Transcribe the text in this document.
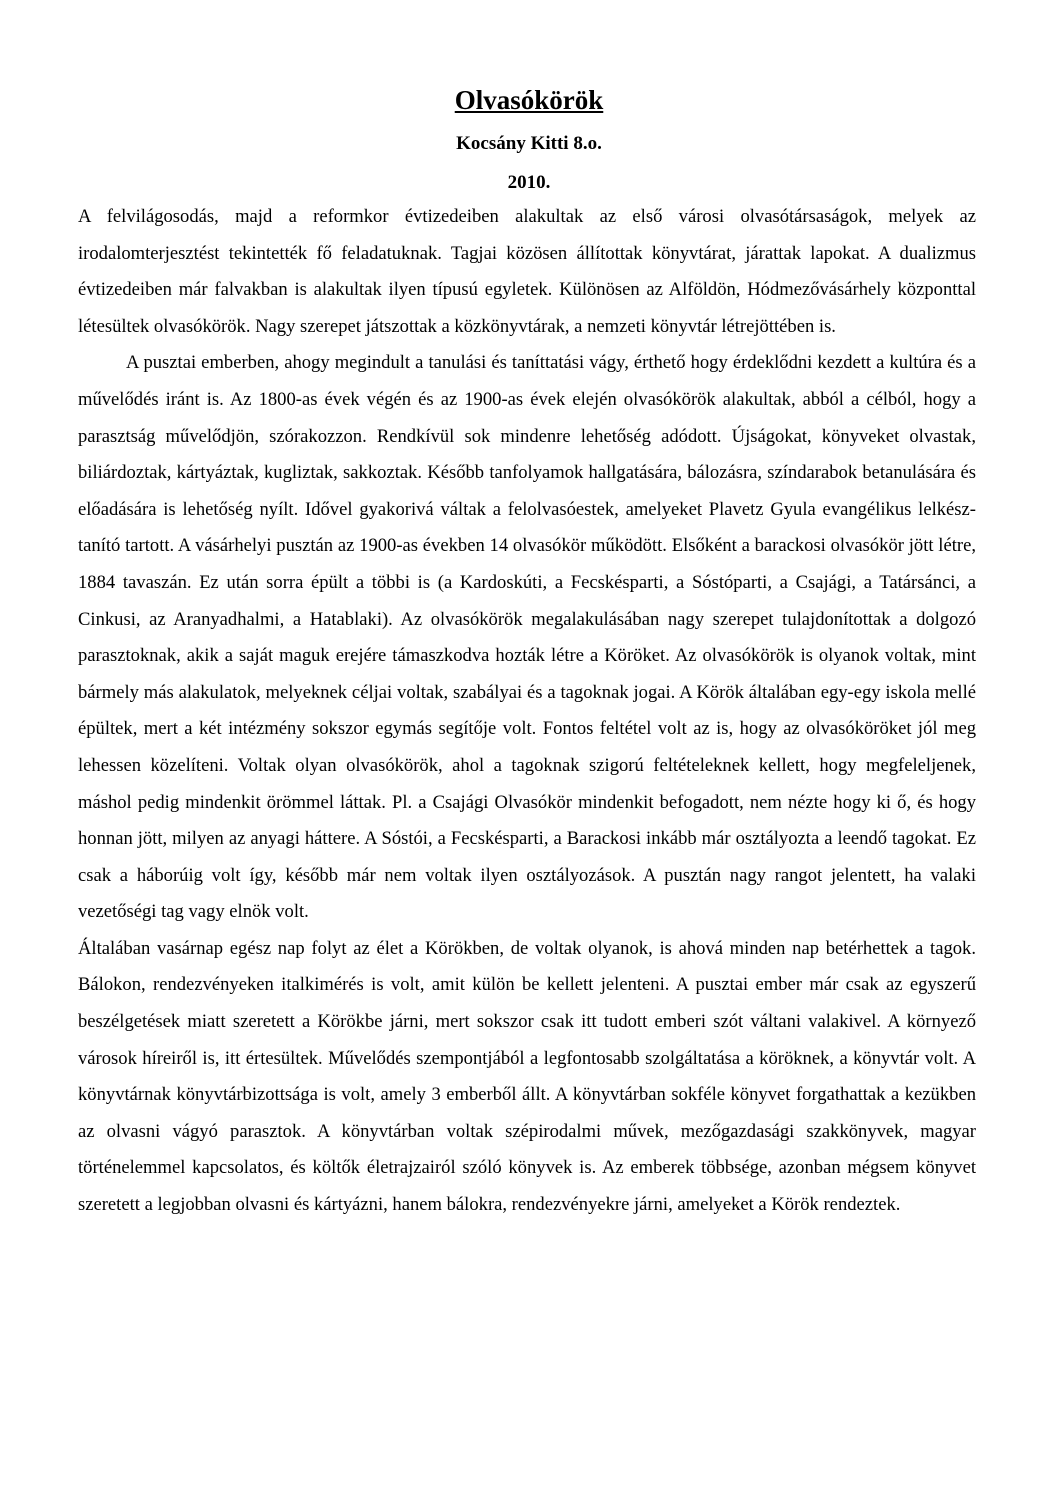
Olvasókörök
Kocsány Kitti 8.o.
2010.

A felvilágosodás, majd a reformkor évtizedeiben alakultak az első városi olvasótársaságok, melyek az irodalomterjesztést tekintették fő feladatuknak. Tagjai közösen állítottak könyvtárat, járattak lapokat. A dualizmus évtizedeiben már falvakban is alakultak ilyen típusú egyletek. Különösen az Alföldön, Hódmezővásárhely központtal létesültek olvasókörök. Nagy szerepet játszottak a közkönyvtárak, a nemzeti könyvtár létrejöttében is.

A pusztai emberben, ahogy megindult a tanulási és taníttatási vágy, érthető hogy érdeklődni kezdett a kultúra és a művelődés iránt is. Az 1800-as évek végén és az 1900-as évek elején olvasókörök alakultak, abból a célból, hogy a parasztság művelődjön, szórakozzon. Rendkívül sok mindenre lehetőség adódott. Újságokat, könyveket olvastak, biliárdoztak, kártyáztak, kugliztak, sakkoztak. Később tanfolyamok hallgatására, bálozásra, színdarabok betanulására és előadására is lehetőség nyílt. Idővel gyakorivá váltak a felolvasóestek, amelyeket Plavetz Gyula evangélikus lelkész-tanító tartott. A vásárhelyi pusztán az 1900-as években 14 olvasókör működött. Elsőként a barackosi olvasókör jött létre, 1884 tavaszán. Ez után sorra épült a többi is (a Kardoskúti, a Fecskésparti, a Sóstóparti, a Csajági, a Tatársánci, a Cinkusi, az Aranyadhalmi, a Hatablaki). Az olvasókörök megalakulásában nagy szerepet tulajdonítottak a dolgozó parasztoknak, akik a saját maguk erejére támaszkodva hozták létre a Köröket. Az olvasókörök is olyanok voltak, mint bármely más alakulatok, melyeknek céljai voltak, szabályai és a tagoknak jogai. A Körök általában egy-egy iskola mellé épültek, mert a két intézmény sokszor egymás segítője volt. Fontos feltétel volt az is, hogy az olvasóköröket jól meg lehessen közelíteni. Voltak olyan olvasókörök, ahol a tagoknak szigorú feltételeknek kellett, hogy megfeleljenek, máshol pedig mindenkit örömmel láttak. Pl. a Csajági Olvasókör mindenkit befogadott, nem nézte hogy ki ő, és hogy honnan jött, milyen az anyagi háttere. A Sóstói, a Fecskésparti, a Barackosi inkább már osztályozta a leendő tagokat. Ez csak a háborúig volt így, később már nem voltak ilyen osztályozások. A pusztán nagy rangot jelentett, ha valaki vezetőségi tag vagy elnök volt.

Általában vasárnap egész nap folyt az élet a Körökben, de voltak olyanok, is ahová minden nap betérhettek a tagok. Bálokon, rendezvényeken italkimérés is volt, amit külön be kellett jelenteni. A pusztai ember már csak az egyszerű beszélgetések miatt szeretett a Körökbe járni, mert sokszor csak itt tudott emberi szót váltani valakivel. A környező városok híreiről is, itt értesültek. Művelődés szempontjából a legfontosabb szolgáltatása a köröknek, a könyvtár volt. A könyvtárnak könyvtárbizottsága is volt, amely 3 emberből állt. A könyvtárban sokféle könyvet forgathattak a kezükben az olvasni vágyó parasztok. A könyvtárban voltak szépirodalmi művek, mezőgazdasági szakkönyvek, magyar történelemmel kapcsolatos, és költők életrajzairól szóló könyvek is. Az emberek többsége, azonban mégsem könyvet szeretett a legjobban olvasni és kártyázni, hanem bálokra, rendezvényekre járni, amelyeket a Körök rendeztek.
